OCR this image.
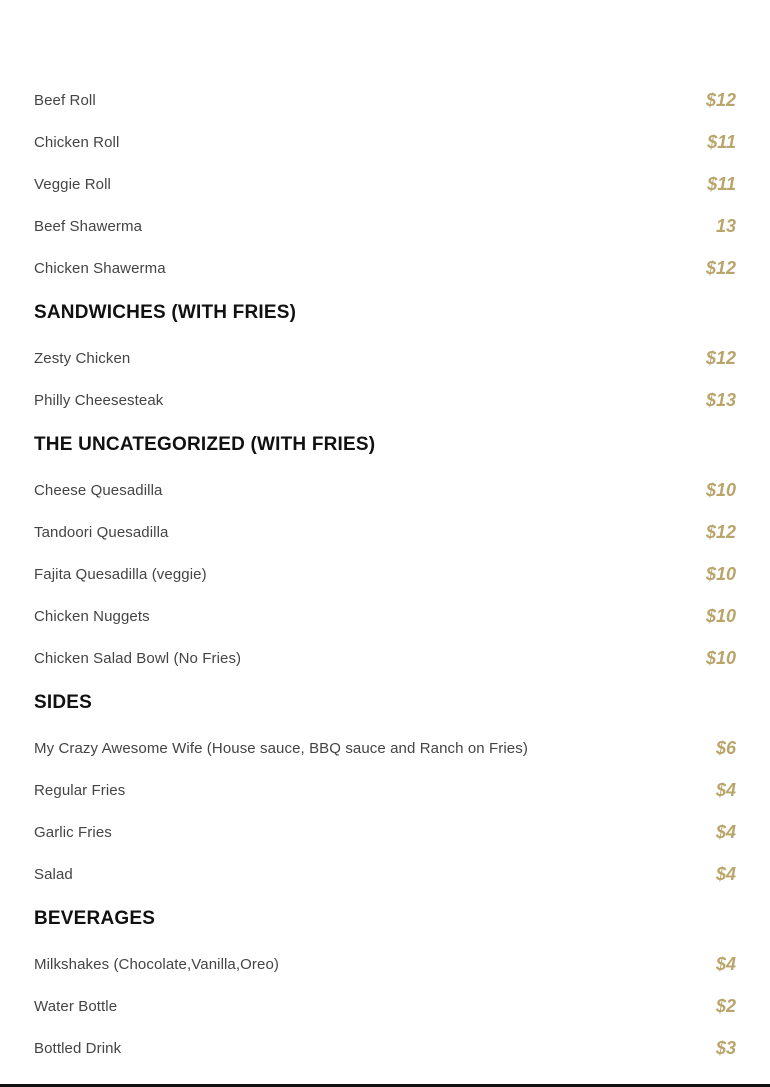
Beef Roll	$12
Chicken Roll	$11
Veggie Roll	$11
Beef Shawerma	13
Chicken Shawerma	$12
SANDWICHES (WITH FRIES)
Zesty Chicken	$12
Philly Cheesesteak	$13
THE UNCATEGORIZED (WITH FRIES)
Cheese Quesadilla	$10
Tandoori Quesadilla	$12
Fajita Quesadilla (veggie)	$10
Chicken Nuggets	$10
Chicken Salad Bowl (No Fries)	$10
SIDES
My Crazy Awesome Wife (House sauce, BBQ sauce and Ranch on Fries)	$6
Regular Fries	$4
Garlic Fries	$4
Salad	$4
BEVERAGES
Milkshakes (Chocolate,Vanilla,Oreo)	$4
Water Bottle	$2
Bottled Drink	$3
